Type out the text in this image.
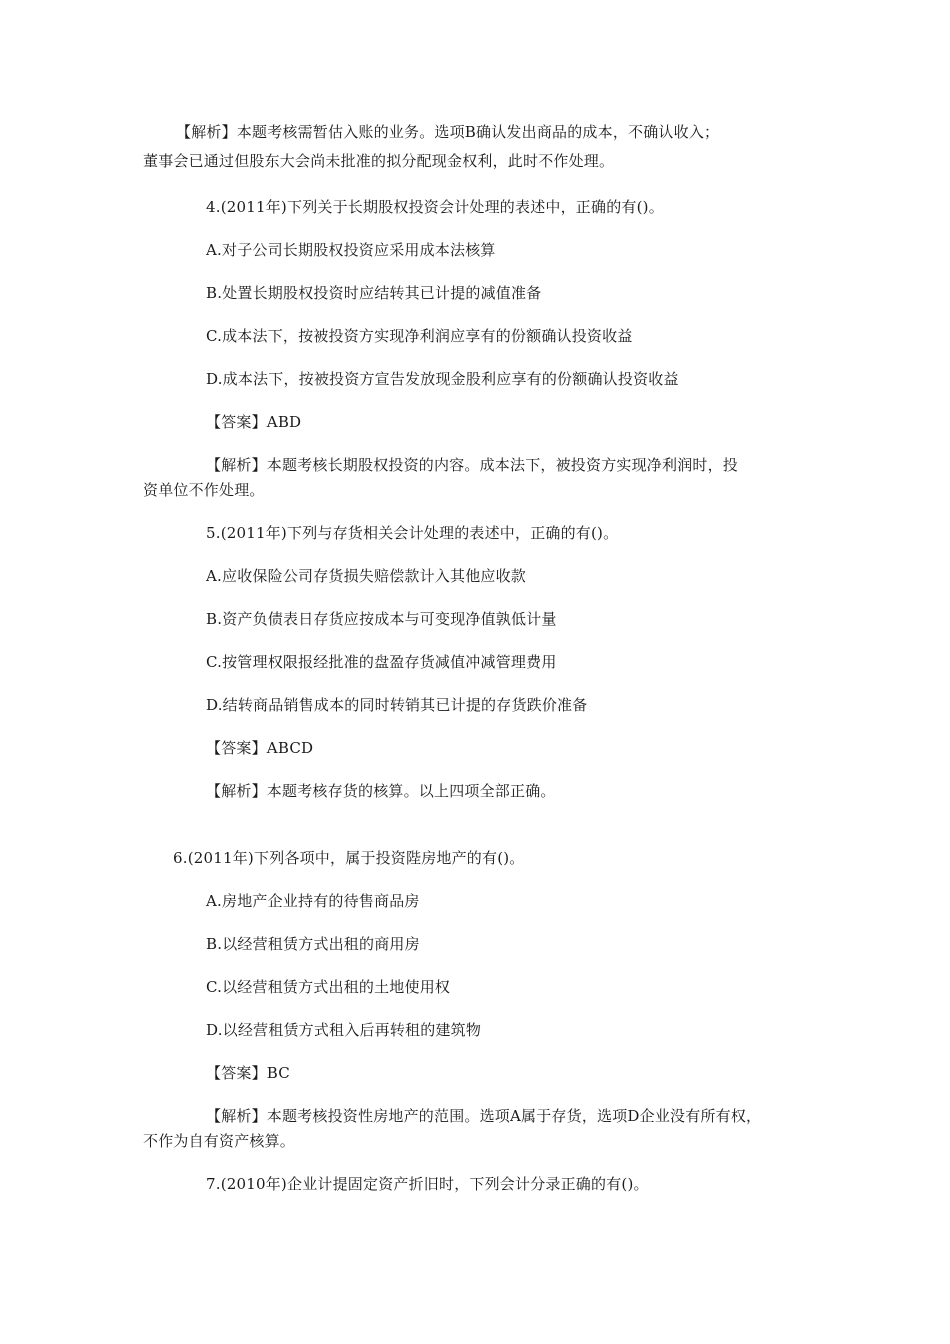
【解析】本题考核需暂估入账的业务。选项B确认发出商品的成本，不确认收入；
董事会已通过但股东大会尚未批准的拟分配现金权利，此时不作处理。
4.(2011年)下列关于长期股权投资会计处理的表述中，正确的有()。
A.对子公司长期股权投资应采用成本法核算
B.处置长期股权投资时应结转其已计提的减值准备
C.成本法下，按被投资方实现净利润应享有的份额确认投资收益
D.成本法下，按被投资方宣告发放现金股利应享有的份额确认投资收益
【答案】ABD
【解析】本题考核长期股权投资的内容。成本法下，被投资方实现净利润时，投
资单位不作处理。
5.(2011年)下列与存货相关会计处理的表述中，正确的有()。
A.应收保险公司存货损失赔偿款计入其他应收款
B.资产负债表日存货应按成本与可变现净值孰低计量
C.按管理权限报经批准的盘盈存货减值冲减管理费用
D.结转商品销售成本的同时转销其已计提的存货跌价准备
【答案】ABCD
【解析】本题考核存货的核算。以上四项全部正确。
6.(2011年)下列各项中，属于投资陛房地产的有()。
A.房地产企业持有的待售商品房
B.以经营租赁方式出租的商用房
C.以经营租赁方式出租的土地使用权
D.以经营租赁方式租入后再转租的建筑物
【答案】BC
【解析】本题考核投资性房地产的范围。选项A属于存货，选项D企业没有所有权，
不作为自有资产核算。
7.(2010年)企业计提固定资产折旧时，下列会计分录正确的有()。
